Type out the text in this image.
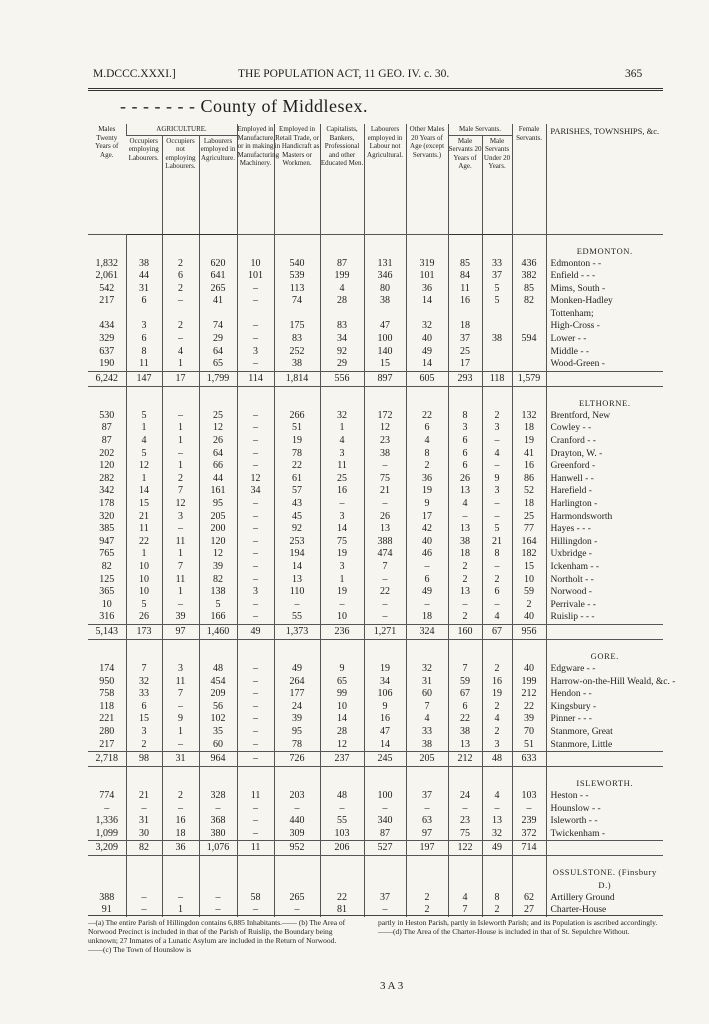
M.DCCC.XXXI.]	THE POPULATION ACT, 11 GEO. IV. c. 30.	365
- - - - - - - County of Middlesex.
Males Twenty Years of Age.	AGRICULTURE.			Employed in Manufacture, or in making Manufacturing Machinery.	Employed in Retail Trade, or in Handicraft as Masters or Workmen.	Capitalists, Bankers, Professional and other Educated Men.	Labourers employed in Labour not Agricultural.	Other Males 20 Years of Age (except Servants.)	Male Servants.		Female Servants.	PARISHES, TOWNSHIPS, &c.
	Occupiers employing Labourers.	Occupiers not employing Labourers.	Labourers employed in Agriculture.						Male Servants 20 Years of Age.	Male Servants Under 20 Years.		

												EDMONTON.
1,832	38	2	620	10	540	87	131	319	85	33	436	Edmonton - -
2,061	44	6	641	101	539	199	346	101	84	37	382	Enfield - - -
542	31	2	265	–	113	4	80	36	11	5	85	Mims, South -
217	6	–	41	–	74	28	38	14	16	5	82	Monken-Hadley
												Tottenham;
434	3	2	74	–	175	83	47	32	18			High-Cross -
329	6	–	29	–	83	34	100	40	37	38	594	Lower - -
637	8	4	64	3	252	92	140	49	25			Middle - -
190	11	1	65	–	38	29	15	14	17			Wood-Green -
6,242	147	17	1,799	114	1,814	556	897	605	293	118	1,579	

												ELTHORNE.
530	5	–	25	–	266	32	172	22	8	2	132	Brentford, New
87	1	1	12	–	51	1	12	6	3	3	18	Cowley - -
87	4	1	26	–	19	4	23	4	6	–	19	Cranford - -
202	5	–	64	–	78	3	38	8	6	4	41	Drayton, W. -
120	12	1	66	–	22	11	–	2	6	–	16	Greenford -
282	1	2	44	12	61	25	75	36	26	9	86	Hanwell - -
342	14	7	161	34	57	16	21	19	13	3	52	Harefield -
178	15	12	95	–	43	–	–	9	4	–	18	Harlington -
320	21	3	205	–	45	3	26	17	–	–	25	Harmondsworth
385	11	–	200	–	92	14	13	42	13	5	77	Hayes - - -
947	22	11	120	–	253	75	388	40	38	21	164	Hillingdon -
765	1	1	12	–	194	19	474	46	18	8	182	Uxbridge -
82	10	7	39	–	14	3	7	–	2	–	15	Ickenham - -
125	10	11	82	–	13	1	–	6	2	2	10	Northolt - -
365	10	1	138	3	110	19	22	49	13	6	59	Norwood -
10	5	–	5	–	–	–	–	–	–	–	2	Perrivale - -
316	26	39	166	–	55	10	–	18	2	4	40	Ruislip - - -
5,143	173	97	1,460	49	1,373	236	1,271	324	160	67	956	

												GORE.
174	7	3	48	–	49	9	19	32	7	2	40	Edgware - -
950	32	11	454	–	264	65	34	31	59	16	199	Harrow-on-the-Hill Weald, &c. -
758	33	7	209	–	177	99	106	60	67	19	212	Hendon - -
118	6	–	56	–	24	10	9	7	6	2	22	Kingsbury -
221	15	9	102	–	39	14	16	4	22	4	39	Pinner - - -
280	3	1	35	–	95	28	47	33	38	2	70	Stanmore, Great
217	2	–	60	–	78	12	14	38	13	3	51	Stanmore, Little
2,718	98	31	964	–	726	237	245	205	212	48	633	

												ISLEWORTH.
774	21	2	328	11	203	48	100	37	24	4	103	Heston - -
–	–	–	–	–	–	–	–	–	–	–	–	Hounslow - -
1,336	31	16	368	–	440	55	340	63	23	13	239	Isleworth - -
1,099	30	18	380	–	309	103	87	97	75	32	372	Twickenham -
3,209	82	36	1,076	11	952	206	527	197	122	49	714	

												OSSULSTONE. (Finsbury D.)
388	–	–	–	58	265	22	37	2	4	8	62	Artillery Ground
91	–	1	–	–	–	81	–	2	7	2	27	Charter-House
—(a) The entire Parish of Hillingdon contains 6,885 Inhabitants.—— (b) The Area of Norwood Precinct is included in that of the Parish of Ruislip, the Boundary being unknown; 27 Inmates of a Lunatic Asylum are included in the Return of Norwood.——(c) The Town of Hounslow is
partly in Heston Parish, partly in Isleworth Parish; and its Population is ascribed accordingly.——(d) The Area of the Charter-House is included in that of St. Sepulchre Without.
3 A 3
